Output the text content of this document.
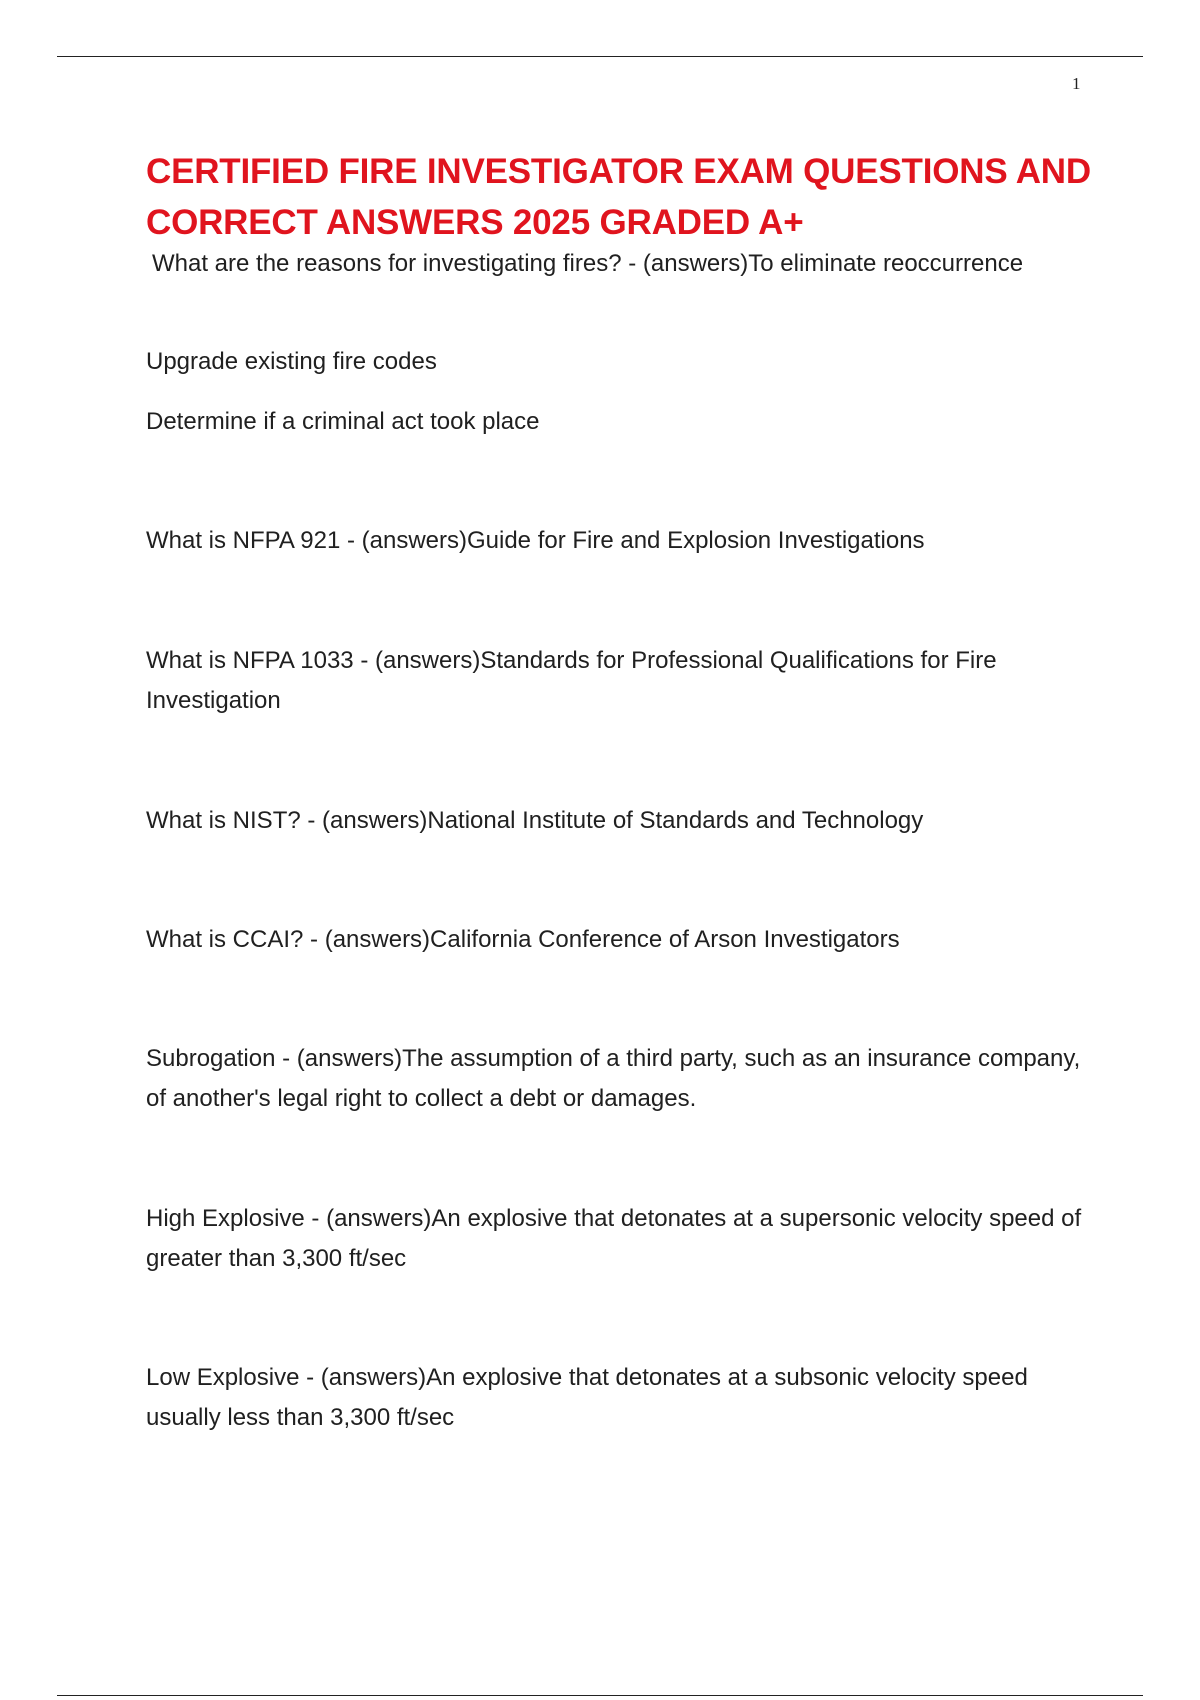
1
CERTIFIED FIRE INVESTIGATOR EXAM QUESTIONS AND CORRECT ANSWERS 2025 GRADED A+

What are the reasons for investigating fires? - (answers)To eliminate reoccurrence

Upgrade existing fire codes

Determine if a criminal act took place

What is NFPA 921 - (answers)Guide for Fire and Explosion Investigations

What is NFPA 1033 - (answers)Standards for Professional Qualifications for Fire Investigation

What is NIST? - (answers)National Institute of Standards and Technology

What is CCAI? - (answers)California Conference of Arson Investigators

Subrogation - (answers)The assumption of a third party, such as an insurance company, of another's legal right to collect a debt or damages.

High Explosive - (answers)An explosive that detonates at a supersonic velocity speed of greater than 3,300 ft/sec

Low Explosive - (answers)An explosive that detonates at a subsonic velocity speed usually less than 3,300 ft/sec
